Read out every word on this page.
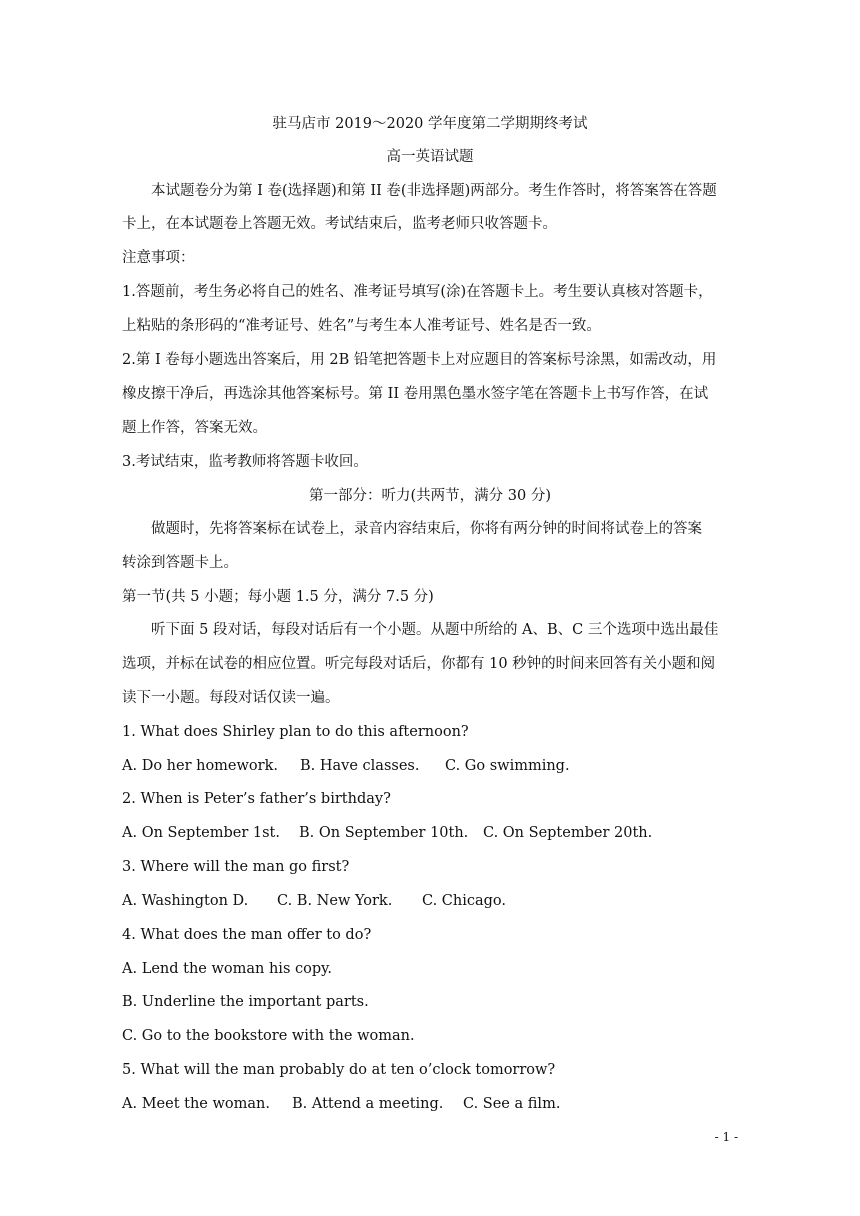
驻马店市 2019～2020 学年度第二学期期终考试

高一英语试题

本试题卷分为第 I 卷(选择题)和第 II 卷(非选择题)两部分。考生作答时，将答案答在答题

卡上，在本试题卷上答题无效。考试结束后，监考老师只收答题卡。

注意事项：

1.答题前，考生务必将自己的姓名、准考证号填写(涂)在答题卡上。考生要认真核对答题卡，

上粘贴的条形码的“准考证号、姓名”与考生本人准考证号、姓名是否一致。

2.第 I 卷每小题选出答案后，用 2B 铅笔把答题卡上对应题目的答案标号涂黑，如需改动，用

橡皮擦干净后，再选涂其他答案标号。第 II 卷用黑色墨水签字笔在答题卡上书写作答，在试

题上作答，答案无效。

3.考试结束，监考教师将答题卡收回。

第一部分：听力(共两节，满分 30 分)

做题时，先将答案标在试卷上，录音内容结束后，你将有两分钟的时间将试卷上的答案

转涂到答题卡上。

第一节(共 5 小题；每小题 1.5 分，满分 7.5 分)

听下面 5 段对话，每段对话后有一个小题。从题中所给的 A、B、C 三个选项中选出最佳

选项，并标在试卷的相应位置。听完每段对话后，你都有 10 秒钟的时间来回答有关小题和阅

读下一小题。每段对话仅读一遍。

1. What does Shirley plan to do this afternoon?

A. Do her homework. B. Have classes. C. Go swimming.

2. When is Peter’s father’s birthday?

A. On September 1st. B. On September 10th. C. On September 20th.

3. Where will the man go first?

A. Washington D. C. B. New York. C. Chicago.

4. What does the man offer to do?

A. Lend the woman his copy.

B. Underline the important parts.

C. Go to the bookstore with the woman.

5. What will the man probably do at ten o’clock tomorrow?

A. Meet the woman. B. Attend a meeting. C. See a film.
- 1 -
